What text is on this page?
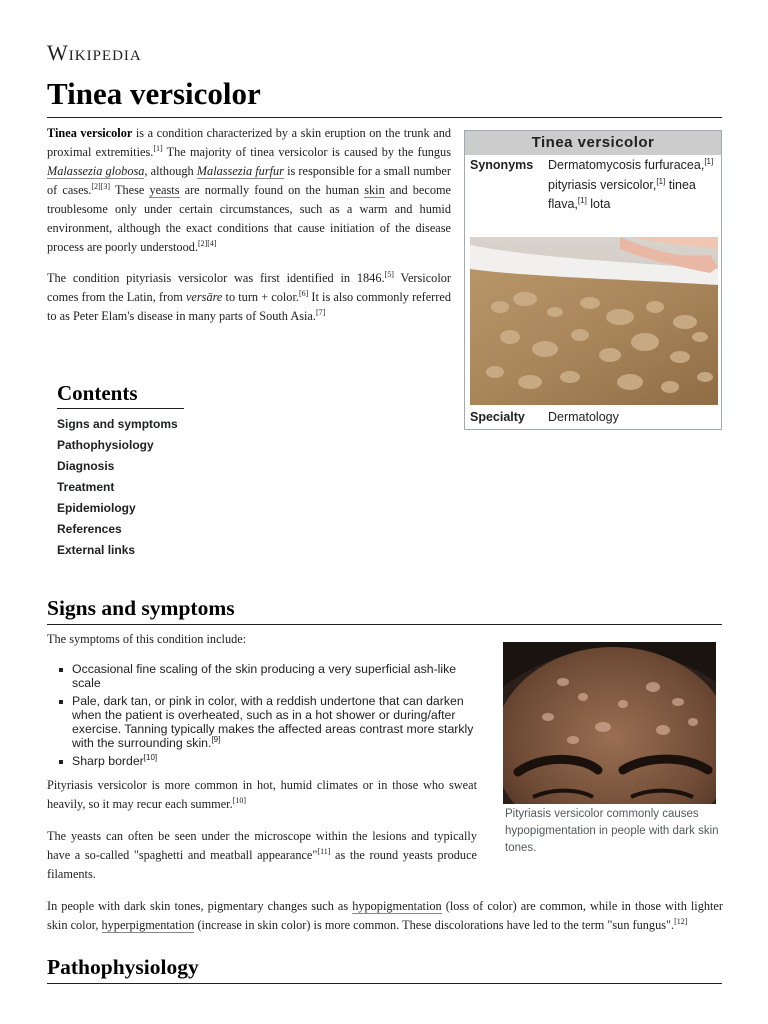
Wikipedia
Tinea versicolor

Tinea versicolor is a condition characterized by a skin eruption on the trunk and proximal extremities.[1] The majority of tinea versicolor is caused by the fungus Malassezia globosa, although Malassezia furfur is responsible for a small number of cases.[2][3] These yeasts are normally found on the human skin and become troublesome only under certain circumstances, such as a warm and humid environment, although the exact conditions that cause initiation of the disease process are poorly understood.[2][4]

The condition pityriasis versicolor was first identified in 1846.[5] Versicolor comes from the Latin, from versāre to turn + color.[6] It is also commonly referred to as Peter Elam's disease in many parts of South Asia.[7]

Tinea versicolor
Synonyms Dermatomycosis furfuracea,[1] pityriasis versicolor,[1] tinea flava,[1] lota
Specialty Dermatology
Contents
Signs and symptoms
Pathophysiology
Diagnosis
Treatment
Epidemiology
References
External links
Signs and symptoms

The symptoms of this condition include:

Occasional fine scaling of the skin producing a very superficial ash-like scale
Pale, dark tan, or pink in color, with a reddish undertone that can darken when the patient is overheated, such as in a hot shower or during/after exercise. Tanning typically makes the affected areas contrast more starkly with the surrounding skin.[9]
Sharp border[10]
Pityriasis versicolor commonly causes hypopigmentation in people with dark skin tones.

Pityriasis versicolor is more common in hot, humid climates or in those who sweat heavily, so it may recur each summer.[10]

The yeasts can often be seen under the microscope within the lesions and typically have a so-called "spaghetti and meatball appearance"[11] as the round yeasts produce filaments.

In people with dark skin tones, pigmentary changes such as hypopigmentation (loss of color) are common, while in those with lighter skin color, hyperpigmentation (increase in skin color) is more common. These discolorations have led to the term "sun fungus".[12]

Pathophysiology
